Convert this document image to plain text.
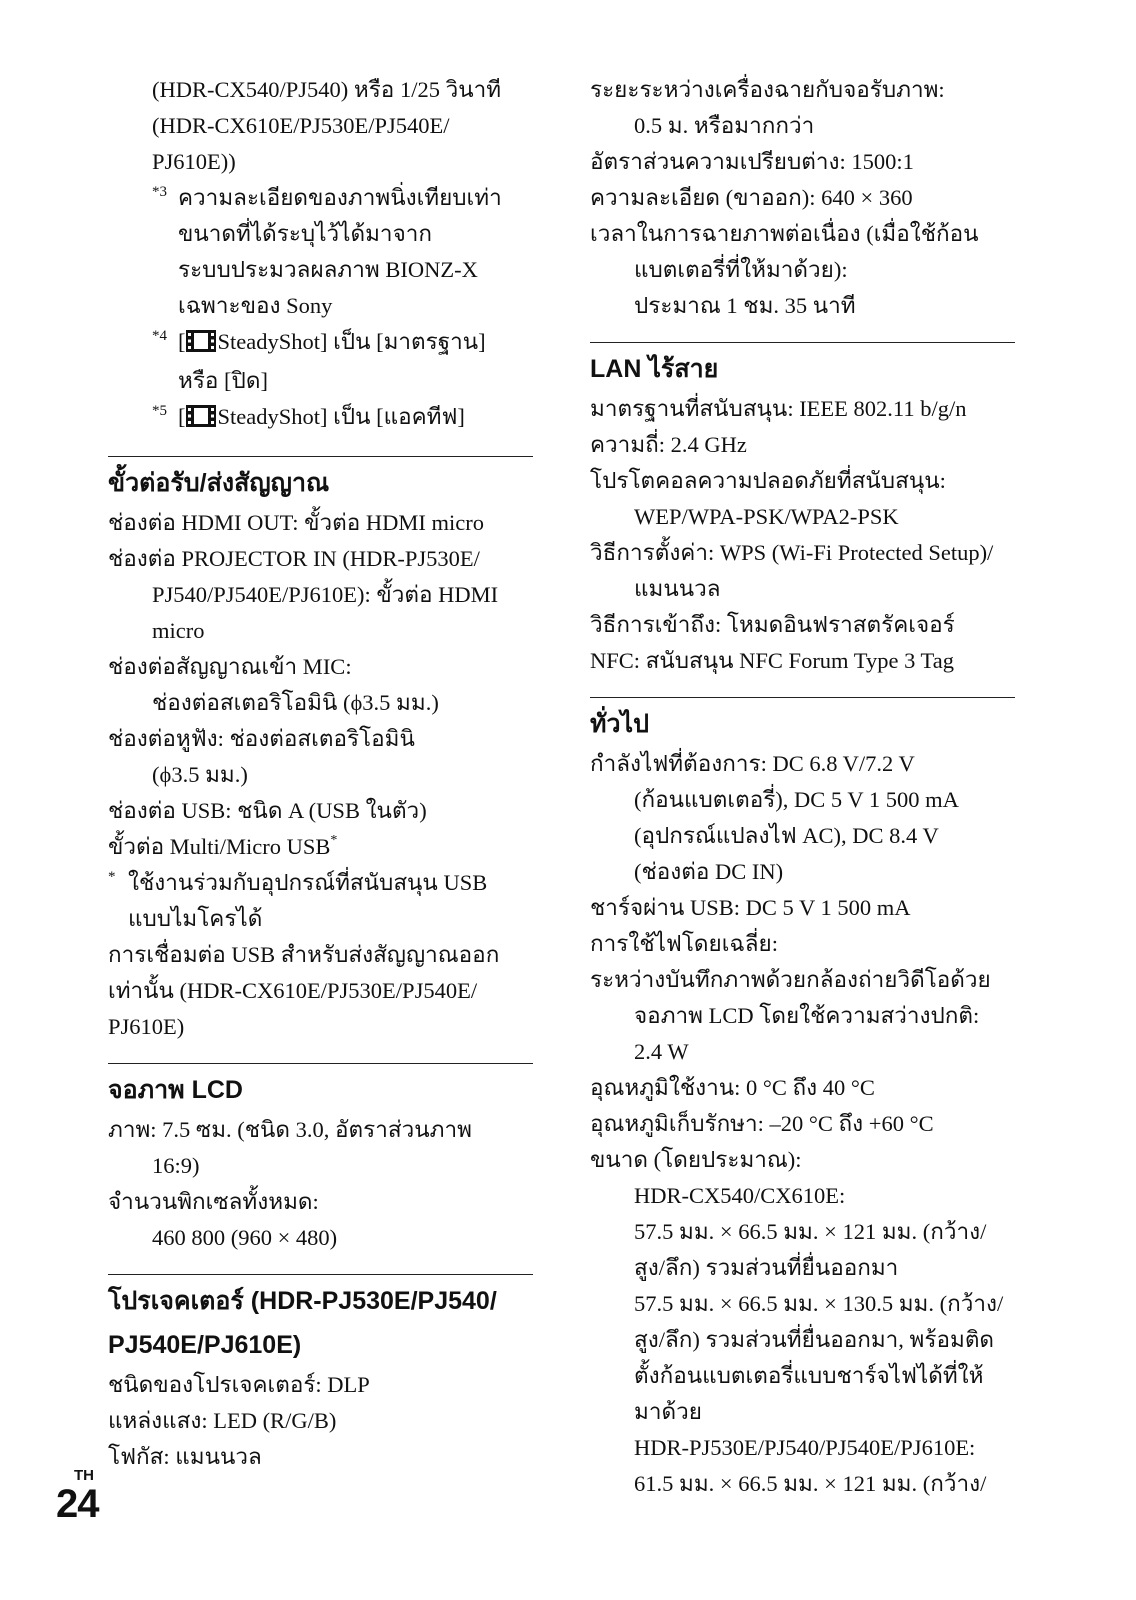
(HDR-CX540/PJ540) หรือ 1/25 วินาที
(HDR-CX610E/PJ530E/PJ540E/
PJ610E))
*3 ความละเอียดของภาพนิ่งเทียบเท่า
ขนาดที่ได้ระบุไว้ได้มาจาก
ระบบประมวลผลภาพ BIONZ-X
เฉพาะของ Sony
*4 [ SteadyShot] เป็น [มาตรฐาน]
หรือ [ปิด]
*5 [ SteadyShot] เป็น [แอคทีฟ]
ขั้วต่อรับ/ส่งสัญญาณ
ช่องต่อ HDMI OUT: ขั้วต่อ HDMI micro
ช่องต่อ PROJECTOR IN (HDR-PJ530E/
PJ540/PJ540E/PJ610E): ขั้วต่อ HDMI
micro
ช่องต่อสัญญาณเข้า MIC:
ช่องต่อสเตอริโอมินิ (ϕ3.5 มม.)
ช่องต่อหูฟัง: ช่องต่อสเตอริโอมินิ
(ϕ3.5 มม.)
ช่องต่อ USB: ชนิด A (USB ในตัว)
ขั้วต่อ Multi/Micro USB*
* ใช้งานร่วมกับอุปกรณ์ที่สนับสนุน USB
แบบไมโครได้
การเชื่อมต่อ USB สำหรับส่งสัญญาณออก
เท่านั้น (HDR-CX610E/PJ530E/PJ540E/
PJ610E)
จอภาพ LCD
ภาพ: 7.5 ซม. (ชนิด 3.0, อัตราส่วนภาพ
16:9)
จำนวนพิกเซลทั้งหมด:
460 800 (960 × 480)
โปรเจคเตอร์ (HDR-PJ530E/PJ540/
PJ540E/PJ610E)
ชนิดของโปรเจคเตอร์: DLP
แหล่งแสง: LED (R/G/B)
โฟกัส: แมนนวล
ระยะระหว่างเครื่องฉายกับจอรับภาพ:
0.5 ม. หรือมากกว่า
อัตราส่วนความเปรียบต่าง: 1500:1
ความละเอียด (ขาออก): 640 × 360
เวลาในการฉายภาพต่อเนื่อง (เมื่อใช้ก้อน
แบตเตอรี่ที่ให้มาด้วย):
ประมาณ 1 ชม. 35 นาที
LAN ไร้สาย
มาตรฐานที่สนับสนุน: IEEE 802.11 b/g/n
ความถี่: 2.4 GHz
โปรโตคอลความปลอดภัยที่สนับสนุน:
WEP/WPA-PSK/WPA2-PSK
วิธีการตั้งค่า: WPS (Wi-Fi Protected Setup)/
แมนนวล
วิธีการเข้าถึง: โหมดอินฟราสตรัคเจอร์
NFC: สนับสนุน NFC Forum Type 3 Tag
ทั่วไป
กำลังไฟที่ต้องการ: DC 6.8 V/7.2 V
(ก้อนแบตเตอรี่), DC 5 V 1 500 mA
(อุปกรณ์แปลงไฟ AC), DC 8.4 V
(ช่องต่อ DC IN)
ชาร์จผ่าน USB: DC 5 V 1 500 mA
การใช้ไฟโดยเฉลี่ย:
ระหว่างบันทึกภาพด้วยกล้องถ่ายวิดีโอด้วย
จอภาพ LCD โดยใช้ความสว่างปกติ:
2.4 W
อุณหภูมิใช้งาน: 0 °C ถึง 40 °C
อุณหภูมิเก็บรักษา: –20 °C ถึง +60 °C
ขนาด (โดยประมาณ):
HDR-CX540/CX610E:
57.5 มม. × 66.5 มม. × 121 มม. (กว้าง/
สูง/ลึก) รวมส่วนที่ยื่นออกมา
57.5 มม. × 66.5 มม. × 130.5 มม. (กว้าง/
สูง/ลึก) รวมส่วนที่ยื่นออกมา, พร้อมติด
ตั้งก้อนแบตเตอรี่แบบชาร์จไฟได้ที่ให้
มาด้วย
HDR-PJ530E/PJ540/PJ540E/PJ610E:
61.5 มม. × 66.5 มม. × 121 มม. (กว้าง/
TH
24
